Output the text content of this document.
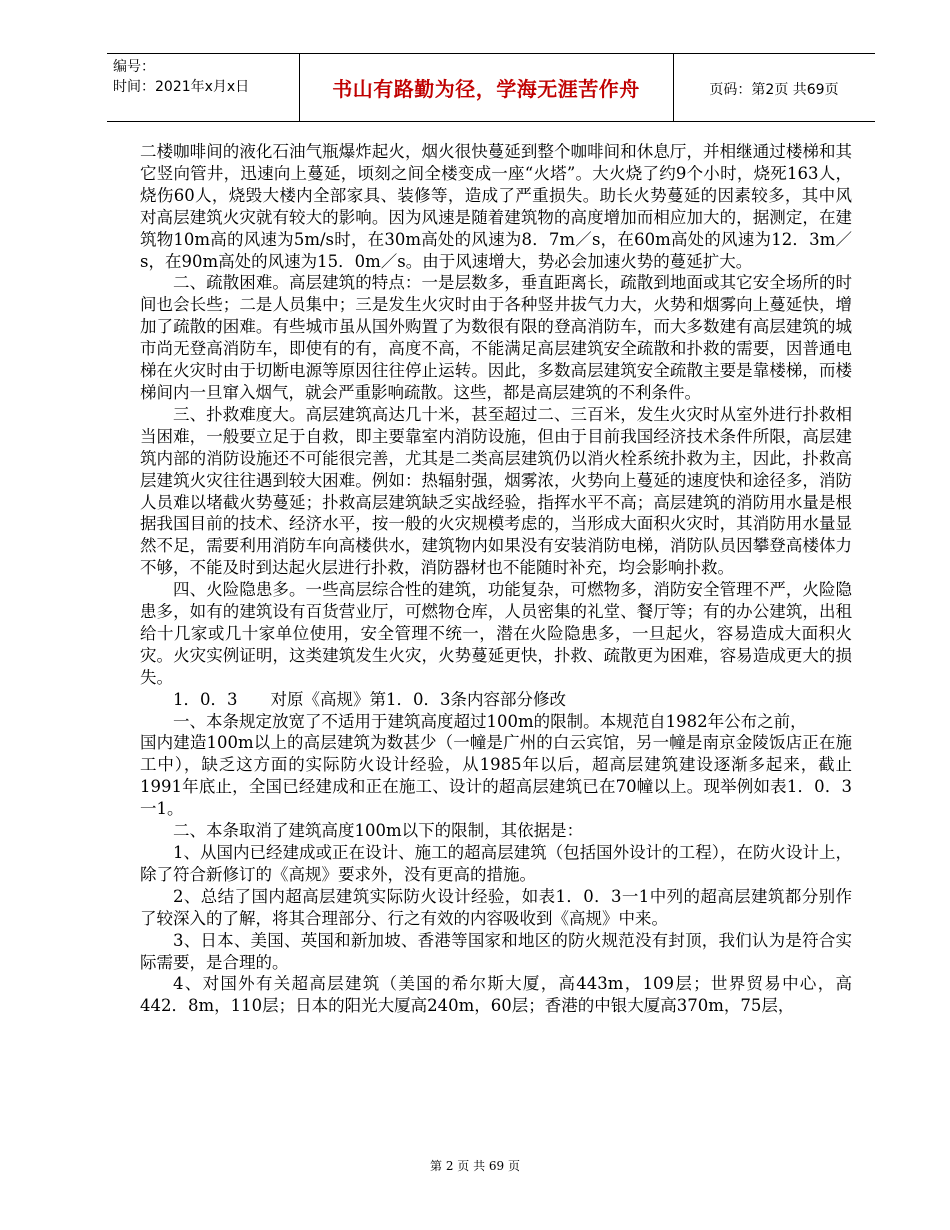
编号：
时间：2021年x月x日	书山有路勤为径，学海无涯苦作舟	页码：第2页 共69页

二楼咖啡间的液化石油气瓶爆炸起火，烟火很快蔓延到整个咖啡间和休息厅，并相继通过楼梯和其它竖向管井，迅速向上蔓延，顷刻之间全楼变成一座“火塔”。大火烧了约9个小时，烧死163人，烧伤60人，烧毁大楼内全部家具、装修等，造成了严重损失。助长火势蔓延的因素较多，其中风对高层建筑火灾就有较大的影响。因为风速是随着建筑物的高度增加而相应加大的，据测定，在建筑物10m高的风速为5m/s时，在30m高处的风速为8．7m／s，在60m高处的风速为12．3m／s，在90m高处的风速为15．0m／s。由于风速增大，势必会加速火势的蔓延扩大。

二、疏散困难。高层建筑的特点：一是层数多，垂直距离长，疏散到地面或其它安全场所的时间也会长些；二是人员集中；三是发生火灾时由于各种竖井拔气力大，火势和烟雾向上蔓延快，增加了疏散的困难。有些城市虽从国外购置了为数很有限的登高消防车，而大多数建有高层建筑的城市尚无登高消防车，即使有的有，高度不高，不能满足高层建筑安全疏散和扑救的需要，因普通电梯在火灾时由于切断电源等原因往往停止运转。因此，多数高层建筑安全疏散主要是靠楼梯，而楼梯间内一旦窜入烟气，就会严重影响疏散。这些，都是高层建筑的不利条件。

三、扑救难度大。高层建筑高达几十米，甚至超过二、三百米，发生火灾时从室外进行扑救相当困难，一般要立足于自救，即主要靠室内消防设施，但由于目前我国经济技术条件所限，高层建筑内部的消防设施还不可能很完善，尤其是二类高层建筑仍以消火栓系统扑救为主，因此，扑救高层建筑火灾往往遇到较大困难。例如：热辐射强，烟雾浓，火势向上蔓延的速度快和途径多，消防人员难以堵截火势蔓延；扑救高层建筑缺乏实战经验，指挥水平不高；高层建筑的消防用水量是根据我国目前的技术、经济水平，按一般的火灾规模考虑的，当形成大面积火灾时，其消防用水量显然不足，需要利用消防车向高楼供水，建筑物内如果没有安装消防电梯，消防队员因攀登高楼体力不够，不能及时到达起火层进行扑救，消防器材也不能随时补充，均会影响扑救。

四、火险隐患多。一些高层综合性的建筑，功能复杂，可燃物多，消防安全管理不严，火险隐患多，如有的建筑设有百货营业厅，可燃物仓库，人员密集的礼堂、餐厅等；有的办公建筑，出租给十几家或几十家单位使用，安全管理不统一，潜在火险隐患多，一旦起火，容易造成大面积火灾。火灾实例证明，这类建筑发生火灾，火势蔓延更快，扑救、疏散更为困难，容易造成更大的损失。

1．0．3　　对原《高规》第1．0．3条内容部分修改

一、本条规定放宽了不适用于建筑高度超过100m的限制。本规范自1982年公布之前，

国内建造100m以上的高层建筑为数甚少（一幢是广州的白云宾馆，另一幢是南京金陵饭店正在施工中），缺乏这方面的实际防火设计经验，从1985年以后，超高层建筑建设逐渐多起来，截止1991年底止，全国已经建成和正在施工、设计的超高层建筑已在70幢以上。现举例如表1．0．3一1。

二、本条取消了建筑高度100m以下的限制，其依据是：

1、从国内已经建成或正在设计、施工的超高层建筑（包括国外设计的工程），在防火设计上，除了符合新修订的《高规》要求外，没有更高的措施。

2、总结了国内超高层建筑实际防火设计经验，如表1．0．3一1中列的超高层建筑都分别作了较深入的了解，将其合理部分、行之有效的内容吸收到《高规》中来。

3、日本、美国、英国和新加坡、香港等国家和地区的防火规范没有封顶，我们认为是符合实际需要，是合理的。

4、对国外有关超高层建筑（美国的希尔斯大厦，高443m，109层；世界贸易中心，高442．8m，110层；日本的阳光大厦高240m，60层；香港的中银大厦高370m，75层，

第 2 页 共 69 页
